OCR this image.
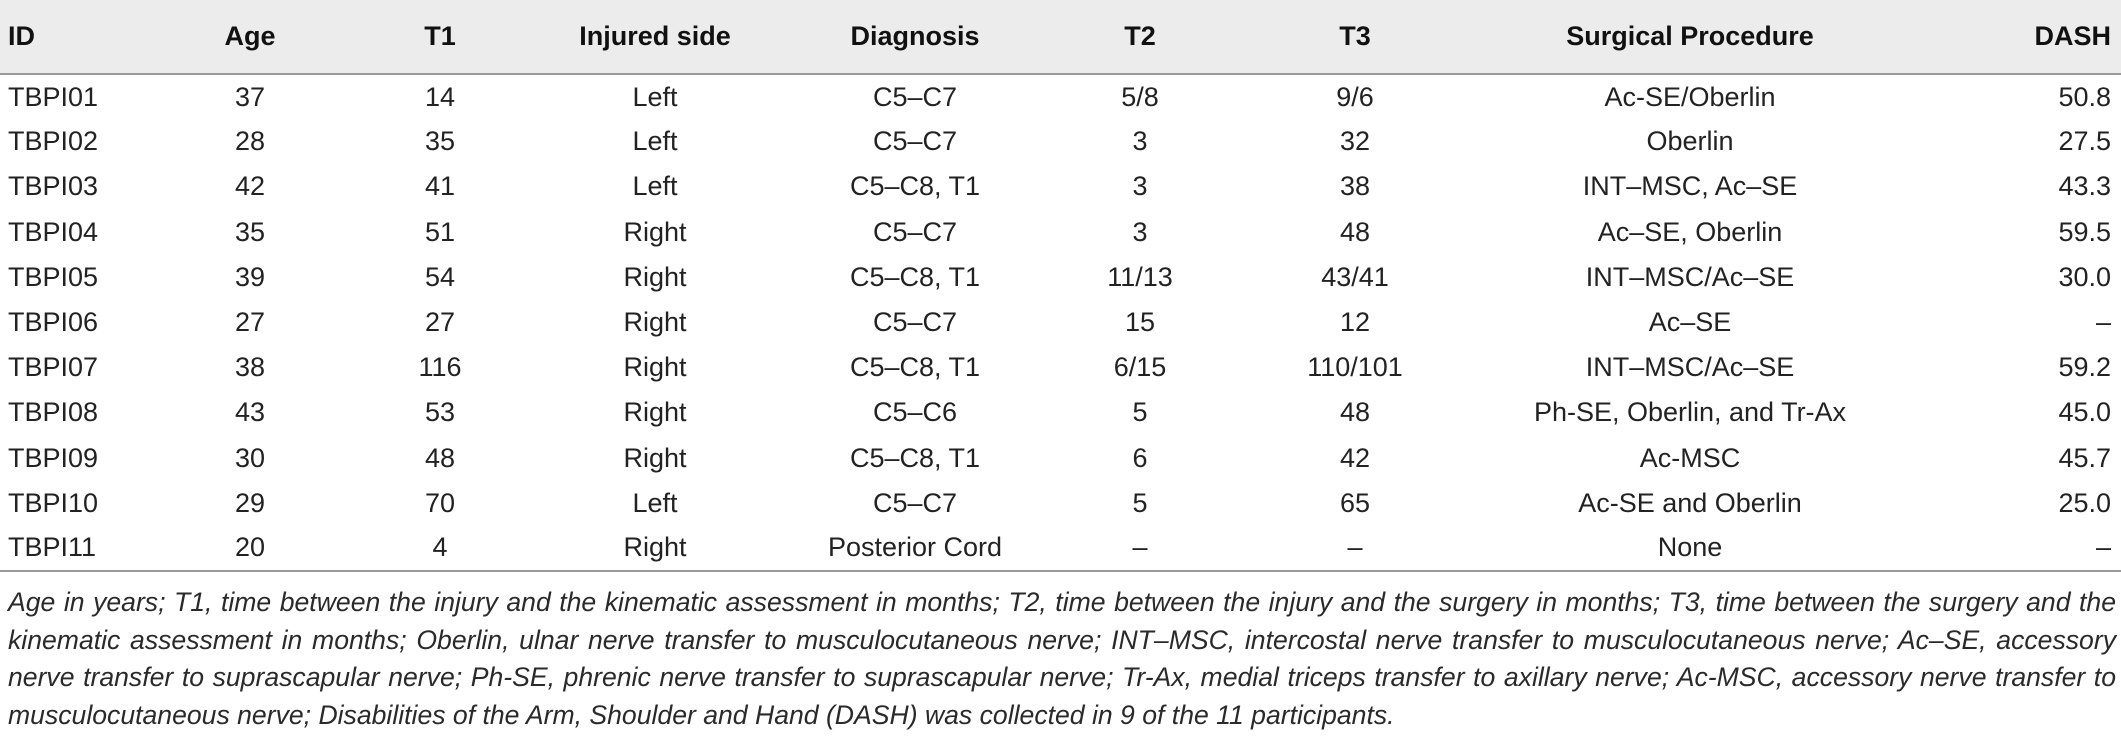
ID	Age	T1	Injured side	Diagnosis	T2	T3	Surgical Procedure	DASH
TBPI01	37	14	Left	C5–C7	5/8	9/6	Ac-SE/Oberlin	50.8
TBPI02	28	35	Left	C5–C7	3	32	Oberlin	27.5
TBPI03	42	41	Left	C5–C8, T1	3	38	INT–MSC, Ac–SE	43.3
TBPI04	35	51	Right	C5–C7	3	48	Ac–SE, Oberlin	59.5
TBPI05	39	54	Right	C5–C8, T1	11/13	43/41	INT–MSC/Ac–SE	30.0
TBPI06	27	27	Right	C5–C7	15	12	Ac–SE	–
TBPI07	38	116	Right	C5–C8, T1	6/15	110/101	INT–MSC/Ac–SE	59.2
TBPI08	43	53	Right	C5–C6	5	48	Ph-SE, Oberlin, and Tr-Ax	45.0
TBPI09	30	48	Right	C5–C8, T1	6	42	Ac-MSC	45.7
TBPI10	29	70	Left	C5–C7	5	65	Ac-SE and Oberlin	25.0
TBPI11	20	4	Right	Posterior Cord	–	–	None	–
Age in years; T1, time between the injury and the kinematic assessment in months; T2, time between the injury and the surgery in months; T3, time between the surgery and the kinematic assessment in months; Oberlin, ulnar nerve transfer to musculocutaneous nerve; INT–MSC, intercostal nerve transfer to musculocutaneous nerve; Ac–SE, accessory nerve transfer to suprascapular nerve; Ph-SE, phrenic nerve transfer to suprascapular nerve; Tr-Ax, medial triceps transfer to axillary nerve; Ac-MSC, accessory nerve transfer to musculocutaneous nerve; Disabilities of the Arm, Shoulder and Hand (DASH) was collected in 9 of the 11 participants.
